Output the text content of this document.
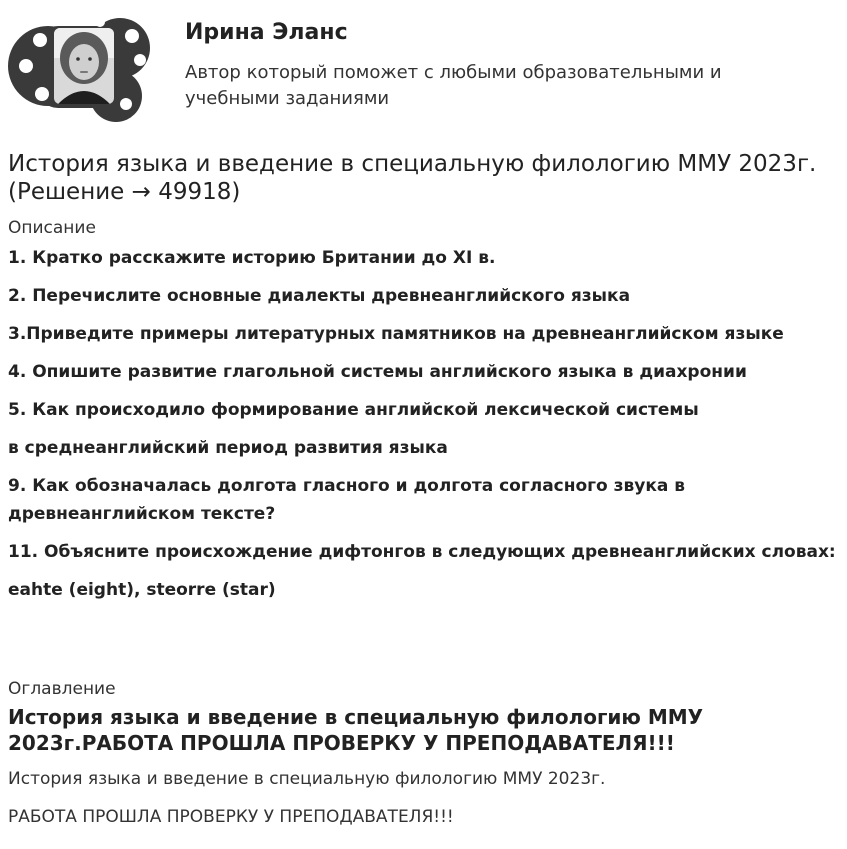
Ирина Эланс
Автор который поможет с любыми образовательными и учебными заданиями
История языка и введение в специальную филологию ММУ 2023г. (Решение → 49918)
Описание
1. Кратко расскажите историю Британии до XI в.
2. Перечислите основные диалекты древнеанглийского языка
3.Приведите примеры литературных памятников на древнеанглийском языке
4. Опишите развитие глагольной системы английского языка в диахронии
5. Как происходило формирование английской лексической системы
в среднеанглийский период развития языка
9. Как обозначалась долгота гласного и долгота согласного звука в древнеанглийском тексте?
11. Объясните происхождение дифтонгов в следующих древнеанглийских словах:
eahte (eight), steorre (star)
Оглавление
История языка и введение в специальную филологию ММУ 2023г.РАБОТА ПРОШЛА ПРОВЕРКУ У ПРЕПОДАВАТЕЛЯ!!!
История языка и введение в специальную филологию ММУ 2023г.
РАБОТА ПРОШЛА ПРОВЕРКУ У ПРЕПОДАВАТЕЛЯ!!!
